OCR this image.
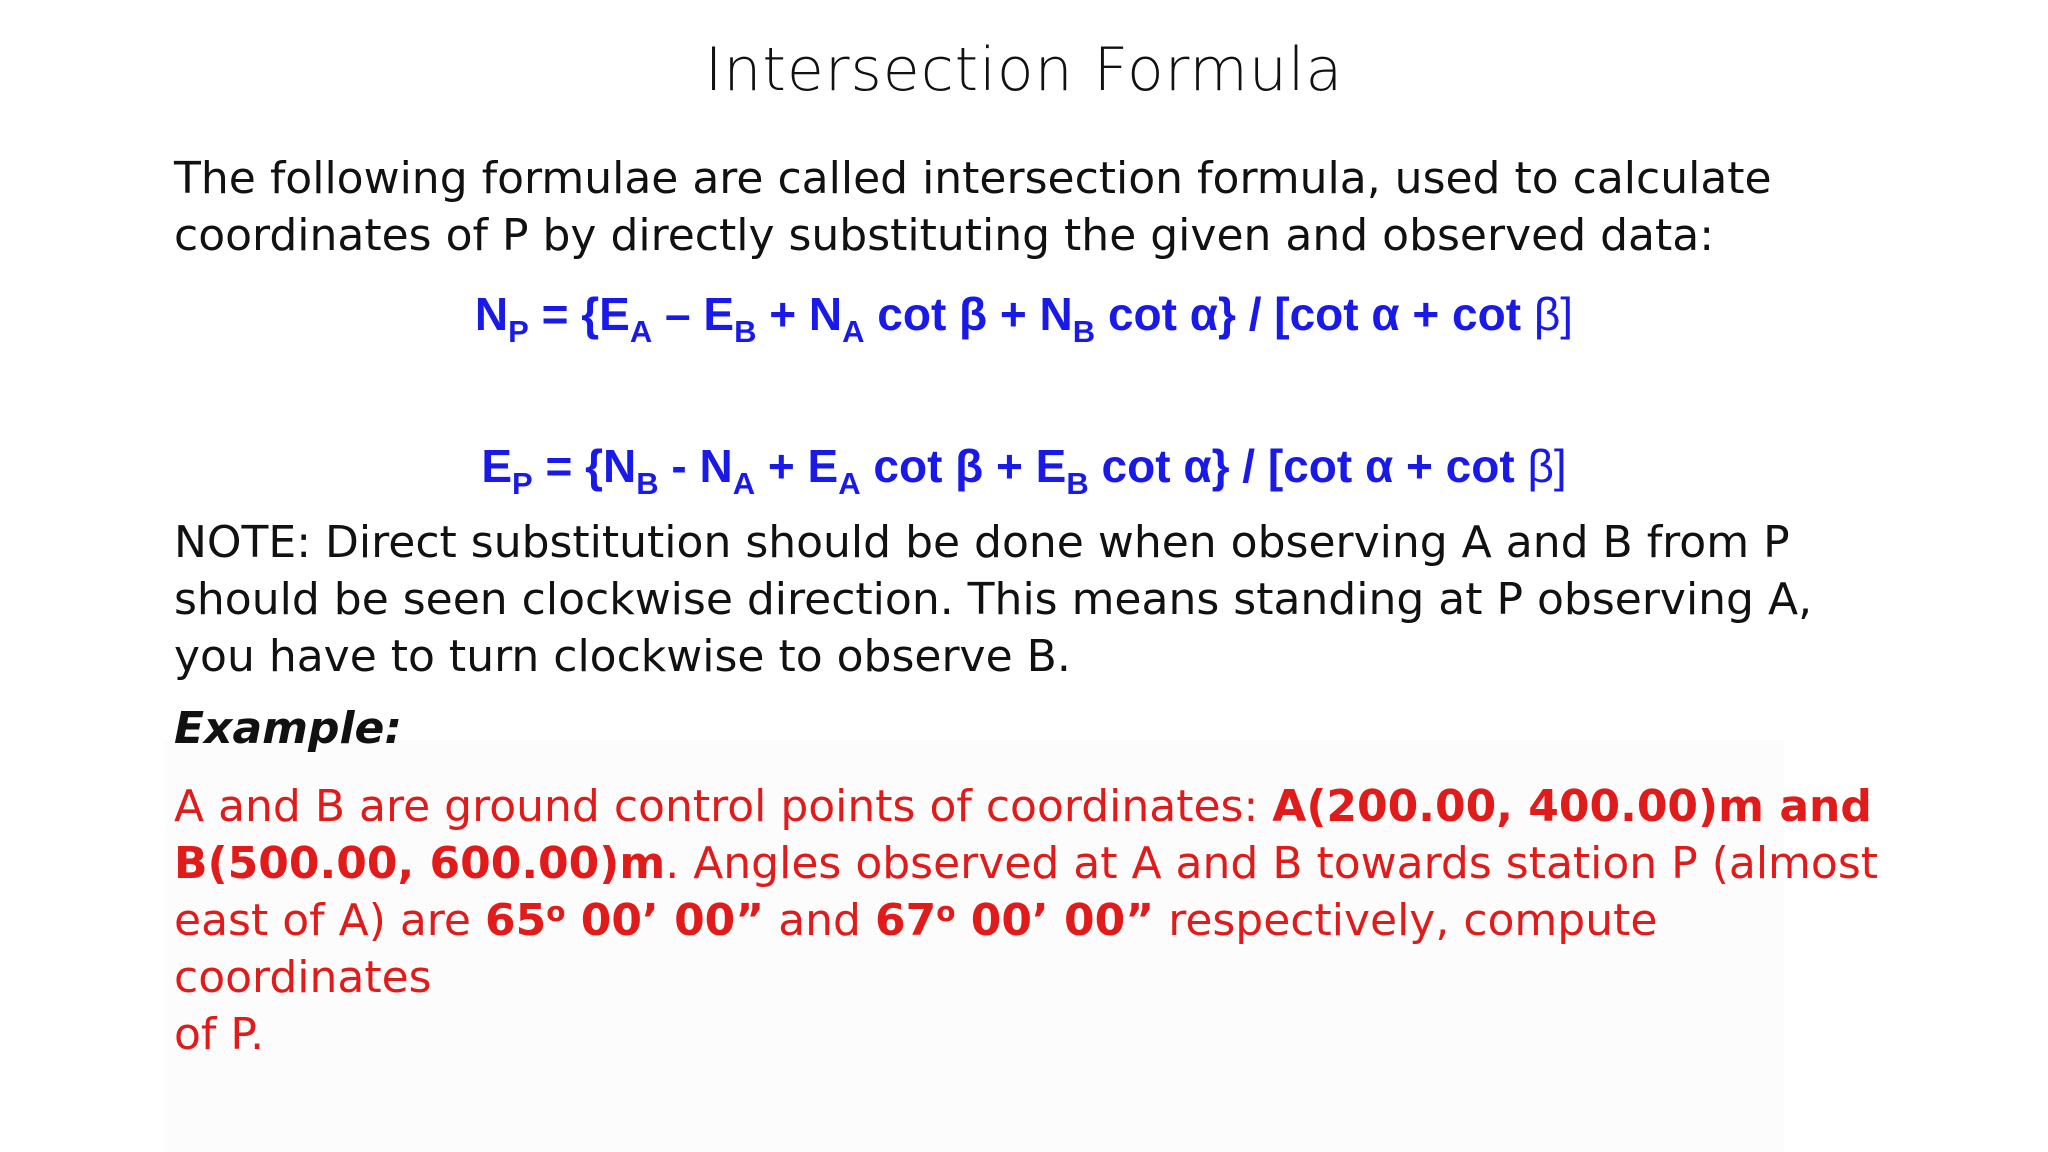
Intersection Formula
The following formulae are called intersection formula, used to calculate
coordinates of P by directly substituting the given and observed data:
$N_P = \{E_A - E_B + N_A$ $\cot \beta + N_B$ cot α} / [cot α + cot β]
$E_P = \{N_B - N_A + E_A$ $\cot \beta + E_B$ cot α} / [cot α + cot β]
NOTE: Direct substitution should be done when observing A and B from P
should be seen clockwise direction. This means standing at P observing A,
you have to turn clockwise to observe B.
Example:
A and B are ground control points of coordinates: A(200.00, 400.00)m and
B(500.00, 600.00)m. Angles observed at A and B towards station P (almost
east of A) are 65$^o$ 00’ 00” and 67$^o$ 00’ 00” respectively, compute coordinates
of P.
